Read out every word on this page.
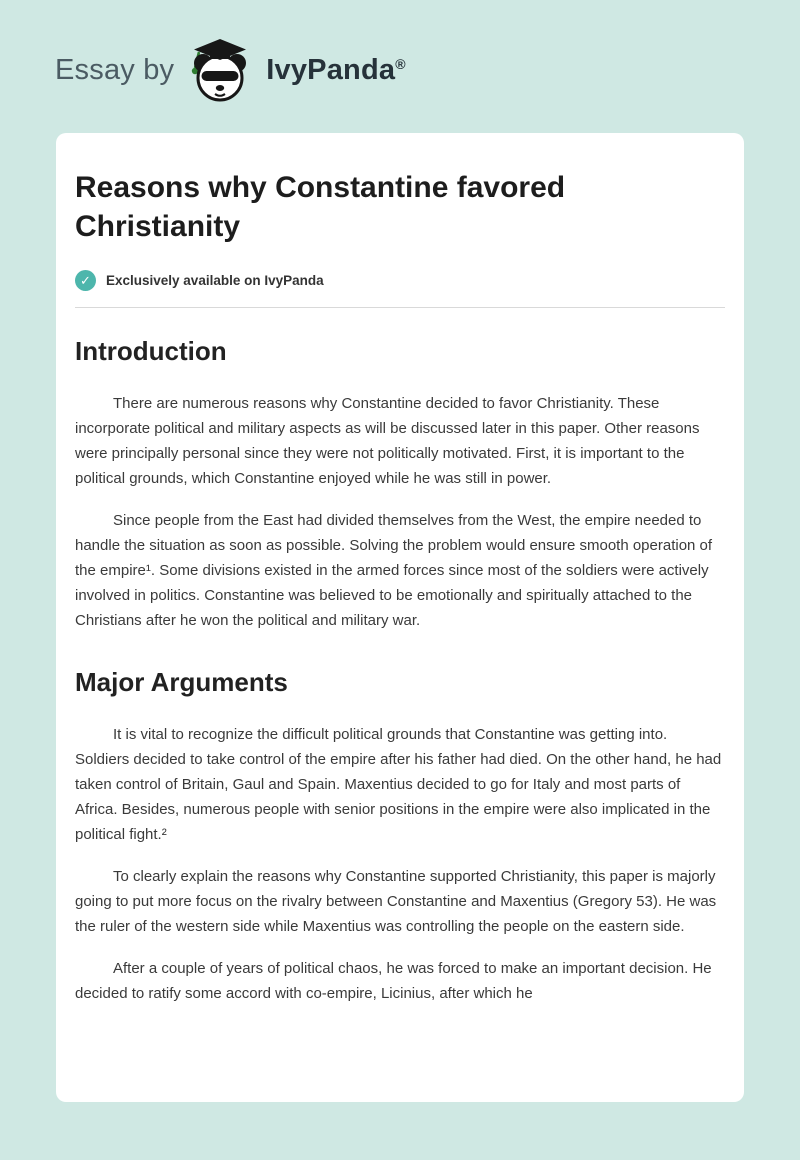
Essay by	IvyPanda®
Reasons why Constantine favored Christianity
✓	Exclusively available on IvyPanda
Introduction

There are numerous reasons why Constantine decided to favor Christianity. These incorporate political and military aspects as will be discussed later in this paper. Other reasons were principally personal since they were not politically motivated. First, it is important to the political grounds, which Constantine enjoyed while he was still in power.

Since people from the East had divided themselves from the West, the empire needed to handle the situation as soon as possible. Solving the problem would ensure smooth operation of the empire¹. Some divisions existed in the armed forces since most of the soldiers were actively involved in politics. Constantine was believed to be emotionally and spiritually attached to the Christians after he won the political and military war.

Major Arguments

It is vital to recognize the difficult political grounds that Constantine was getting into. Soldiers decided to take control of the empire after his father had died. On the other hand, he had taken control of Britain, Gaul and Spain. Maxentius decided to go for Italy and most parts of Africa. Besides, numerous people with senior positions in the empire were also implicated in the political fight.²

To clearly explain the reasons why Constantine supported Christianity, this paper is majorly going to put more focus on the rivalry between Constantine and Maxentius (Gregory 53). He was the ruler of the western side while Maxentius was controlling the people on the eastern side.

After a couple of years of political chaos, he was forced to make an important decision. He decided to ratify some accord with co-empire, Licinius, after which he
